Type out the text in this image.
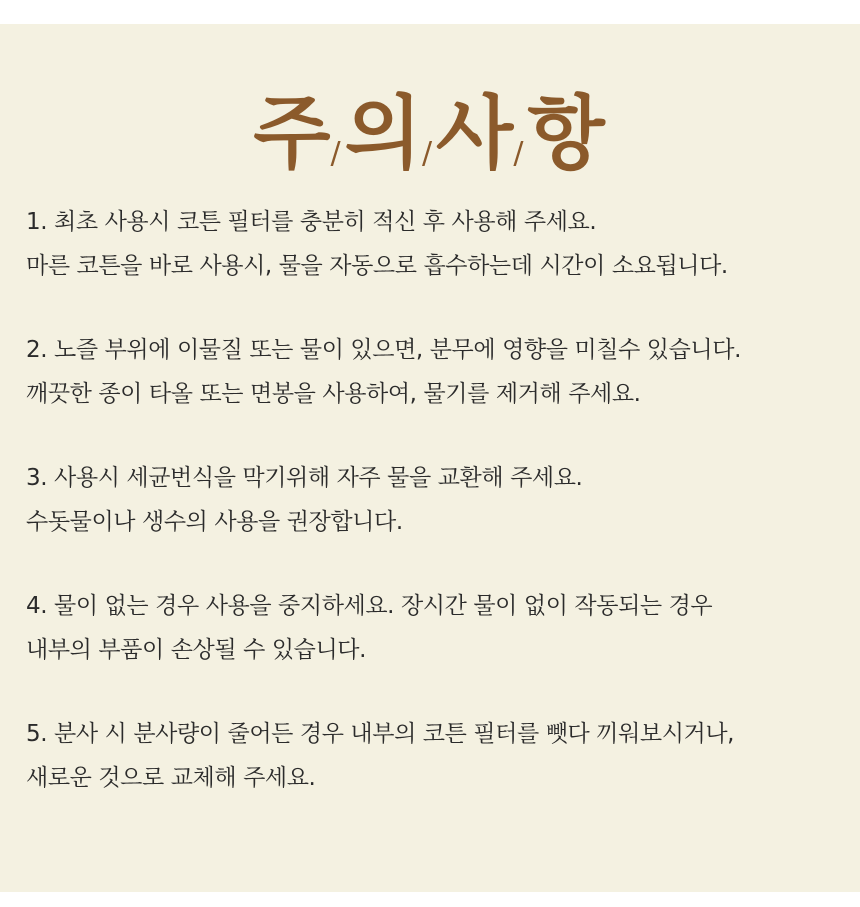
주/의/사/항
1. 최초 사용시 코튼 필터를 충분히 적신 후 사용해 주세요.
마른 코튼을 바로 사용시, 물을 자동으로 흡수하는데 시간이 소요됩니다.
2. 노즐 부위에 이물질 또는 물이 있으면, 분무에 영향을 미칠수 있습니다.
깨끗한 종이 타올 또는 면봉을 사용하여, 물기를 제거해 주세요.
3. 사용시 세균번식을 막기위해 자주 물을 교환해 주세요.
수돗물이나 생수의 사용을 권장합니다.
4. 물이 없는 경우 사용을 중지하세요. 장시간 물이 없이 작동되는 경우
내부의 부품이 손상될 수 있습니다.
5. 분사 시 분사량이 줄어든 경우 내부의 코튼 필터를 뺏다 끼워보시거나,
새로운 것으로 교체해 주세요.
